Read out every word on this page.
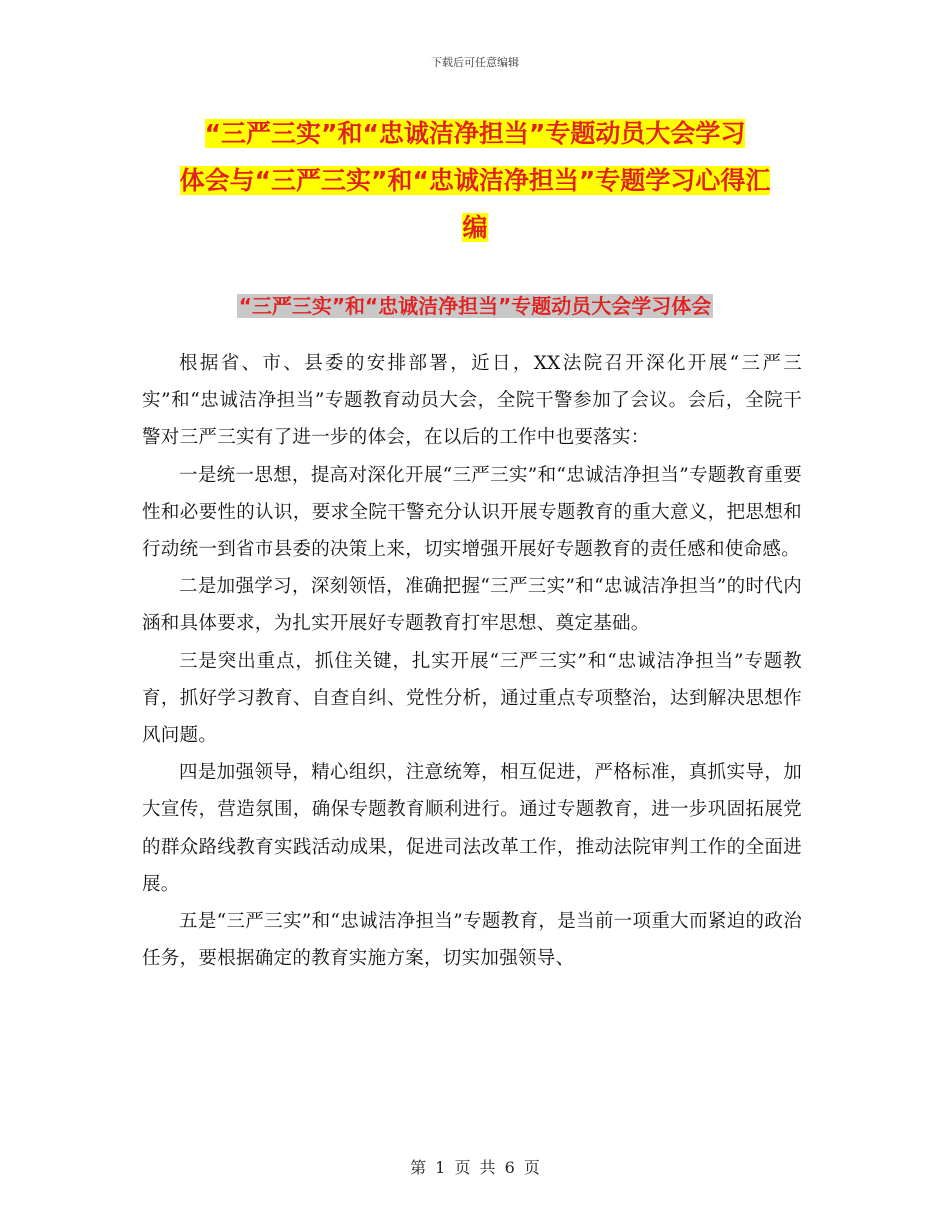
下载后可任意编辑
“三严三实”和“忠诚洁净担当”专题动员大会学习
体会与“三严三实”和“忠诚洁净担当”专题学习心得汇
编
“三严三实”和“忠诚洁净担当”专题动员大会学习体会

根据省、市、县委的安排部署，近日，XX法院召开深化开展“三严三实”和“忠诚洁净担当”专题教育动员大会，全院干警参加了会议。会后，全院干警对三严三实有了进一步的体会，在以后的工作中也要落实：

一是统一思想，提高对深化开展“三严三实”和“忠诚洁净担当”专题教育重要性和必要性的认识，要求全院干警充分认识开展专题教育的重大意义，把思想和行动统一到省市县委的决策上来，切实增强开展好专题教育的责任感和使命感。

二是加强学习，深刻领悟，准确把握“三严三实”和“忠诚洁净担当”的时代内涵和具体要求，为扎实开展好专题教育打牢思想、奠定基础。

三是突出重点，抓住关键，扎实开展“三严三实”和“忠诚洁净担当”专题教育，抓好学习教育、自查自纠、党性分析，通过重点专项整治，达到解决思想作风问题。

四是加强领导，精心组织，注意统筹，相互促进，严格标准，真抓实导，加大宣传，营造氛围，确保专题教育顺利进行。通过专题教育，进一步巩固拓展党的群众路线教育实践活动成果，促进司法改革工作，推动法院审判工作的全面进展。

五是“三严三实”和“忠诚洁净担当”专题教育，是当前一项重大而紧迫的政治任务，要根据确定的教育实施方案，切实加强领导、

第 1 页 共 6 页
